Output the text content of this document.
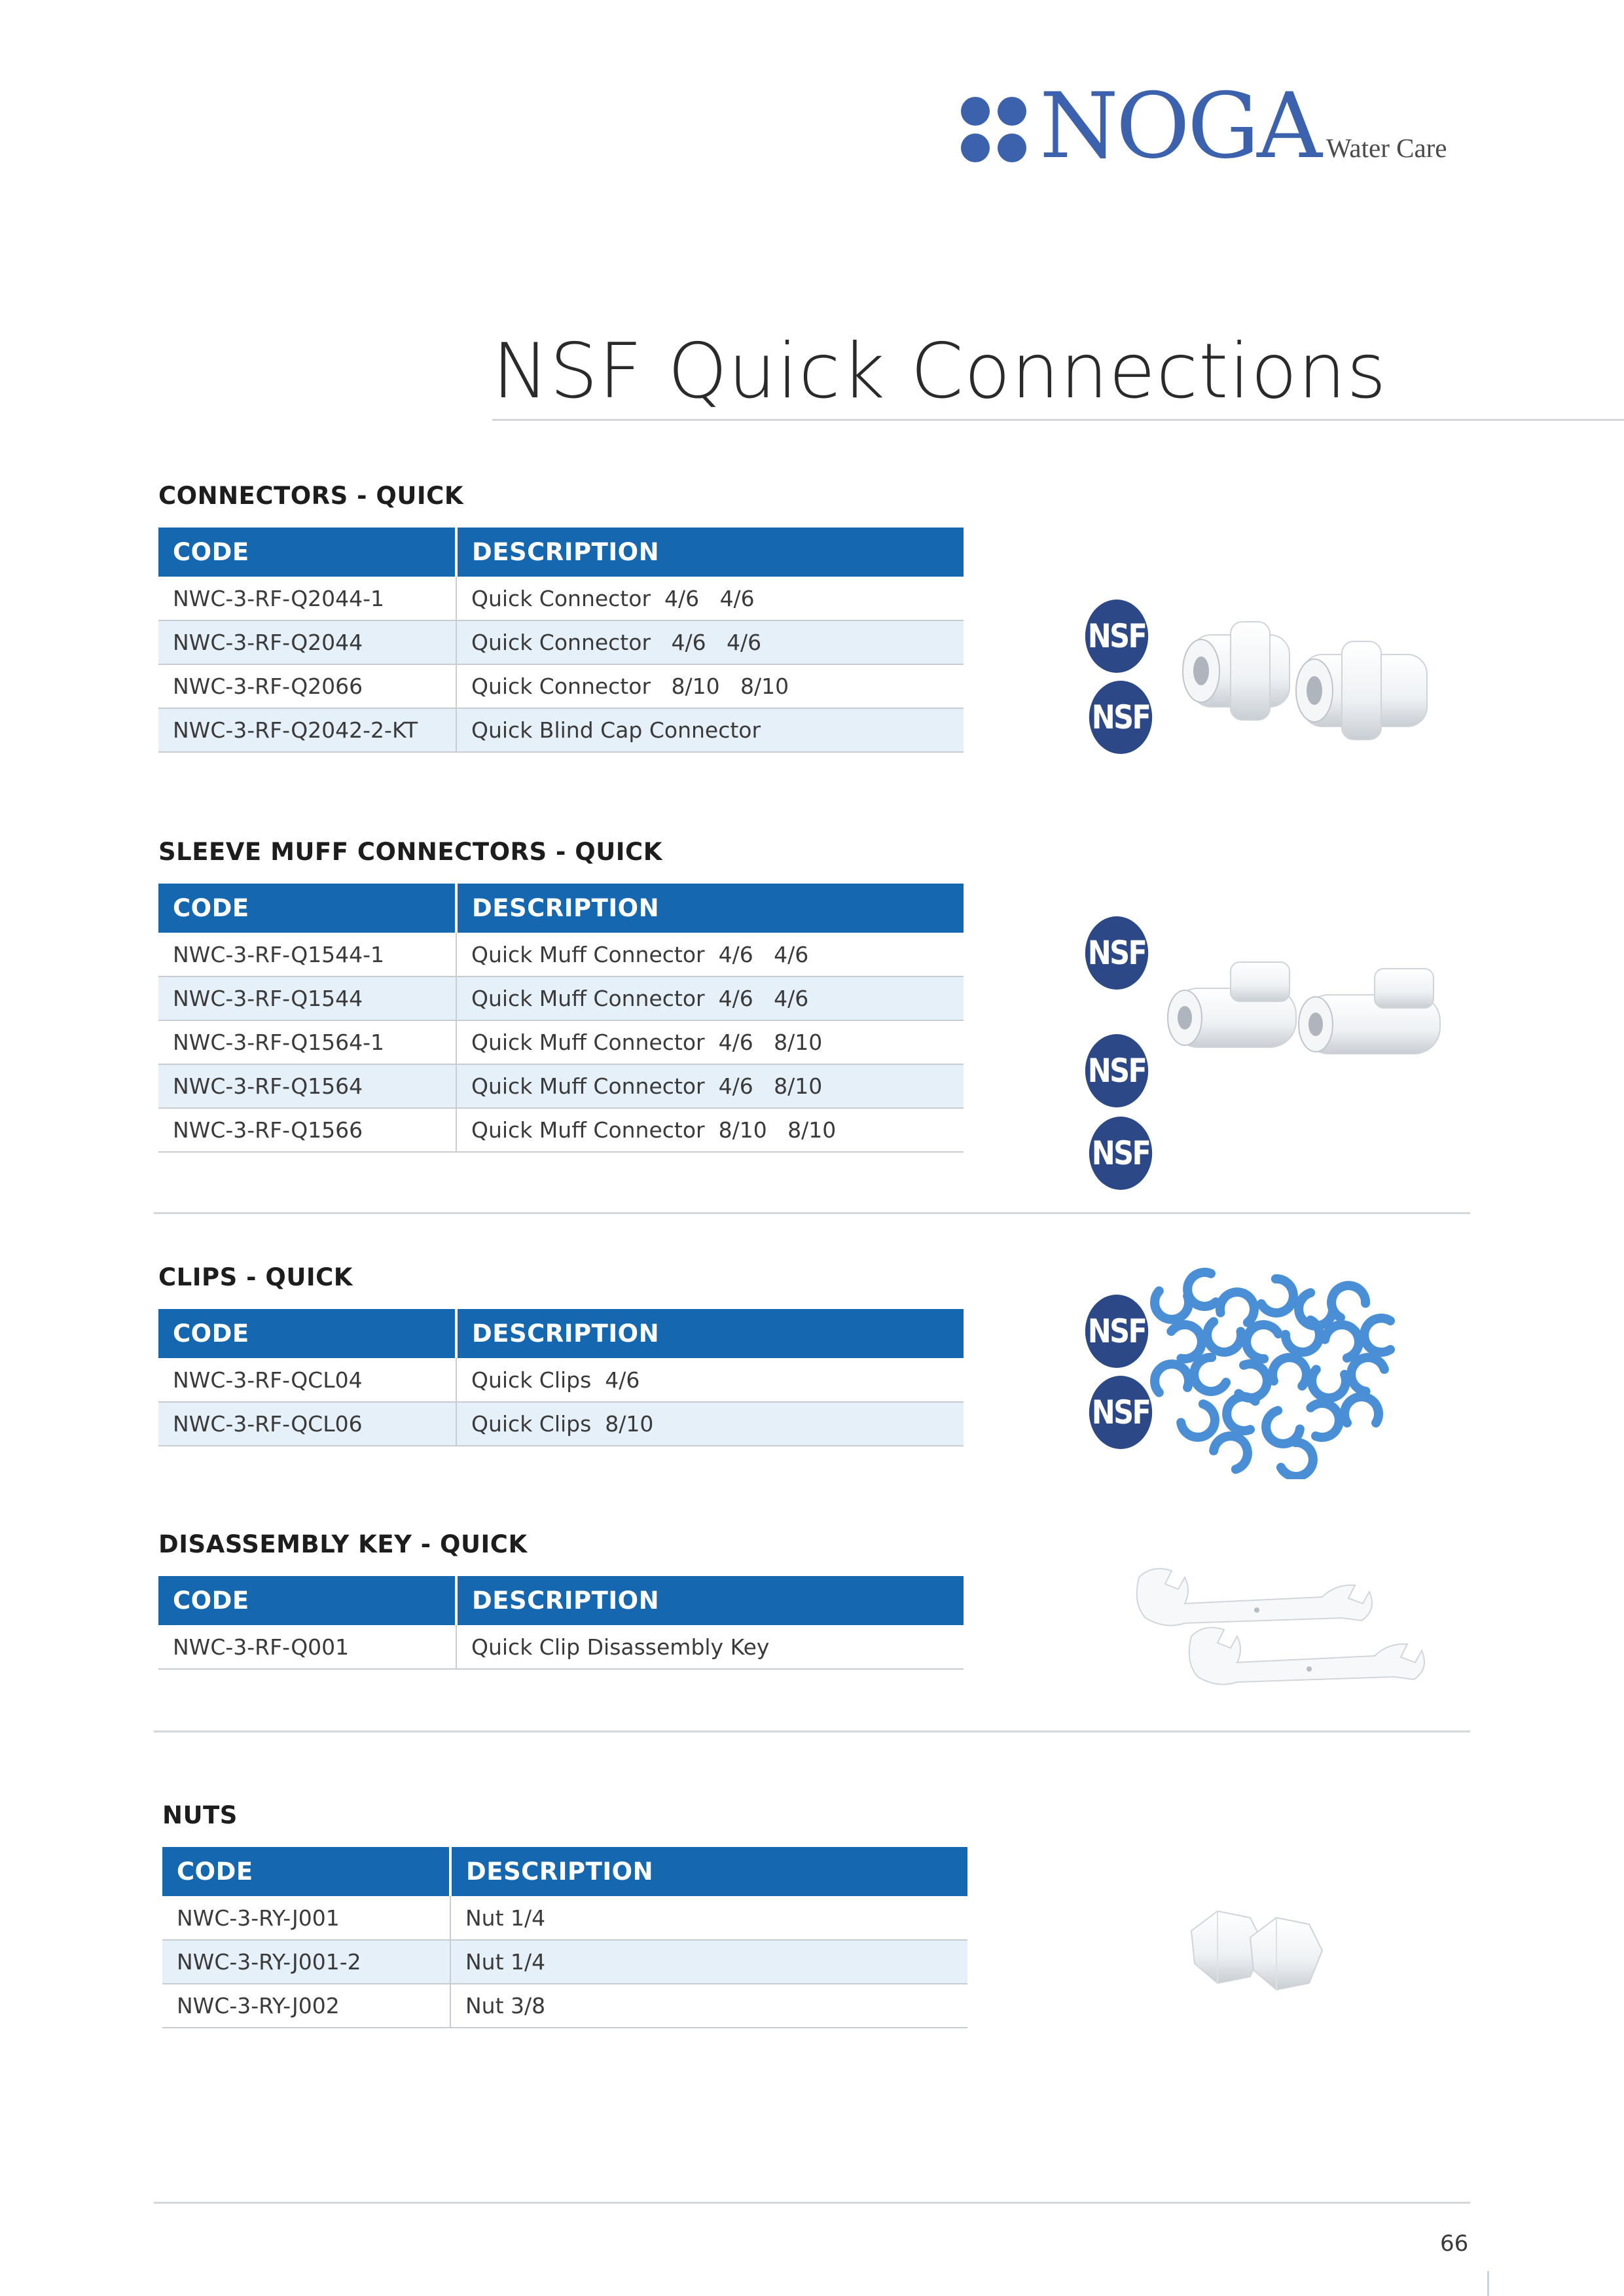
NOGA Water Care
NSF Quick Connections
CONNECTORS - QUICK
CODE	DESCRIPTION
NWC-3-RF-Q2044-1	Quick Connector  4/6   4/6
NWC-3-RF-Q2044	Quick Connector   4/6   4/6
NWC-3-RF-Q2066	Quick Connector   8/10   8/10
NWC-3-RF-Q2042-2-KT	Quick Blind Cap Connector
SLEEVE MUFF CONNECTORS - QUICK
CODE	DESCRIPTION
NWC-3-RF-Q1544-1	Quick Muff Connector  4/6   4/6
NWC-3-RF-Q1544	Quick Muff Connector  4/6   4/6
NWC-3-RF-Q1564-1	Quick Muff Connector  4/6   8/10
NWC-3-RF-Q1564	Quick Muff Connector  4/6   8/10
NWC-3-RF-Q1566	Quick Muff Connector  8/10   8/10
CLIPS - QUICK
CODE	DESCRIPTION
NWC-3-RF-QCL04	Quick Clips  4/6
NWC-3-RF-QCL06	Quick Clips  8/10
DISASSEMBLY KEY - QUICK
CODE	DESCRIPTION
NWC-3-RF-Q001	Quick Clip Disassembly Key
NUTS
CODE	DESCRIPTION
NWC-3-RY-J001	Nut 1/4
NWC-3-RY-J001-2	Nut 1/4
NWC-3-RY-J002	Nut 3/8
NSF
NSF
NSF
NSF
NSF
NSF
NSF
66
